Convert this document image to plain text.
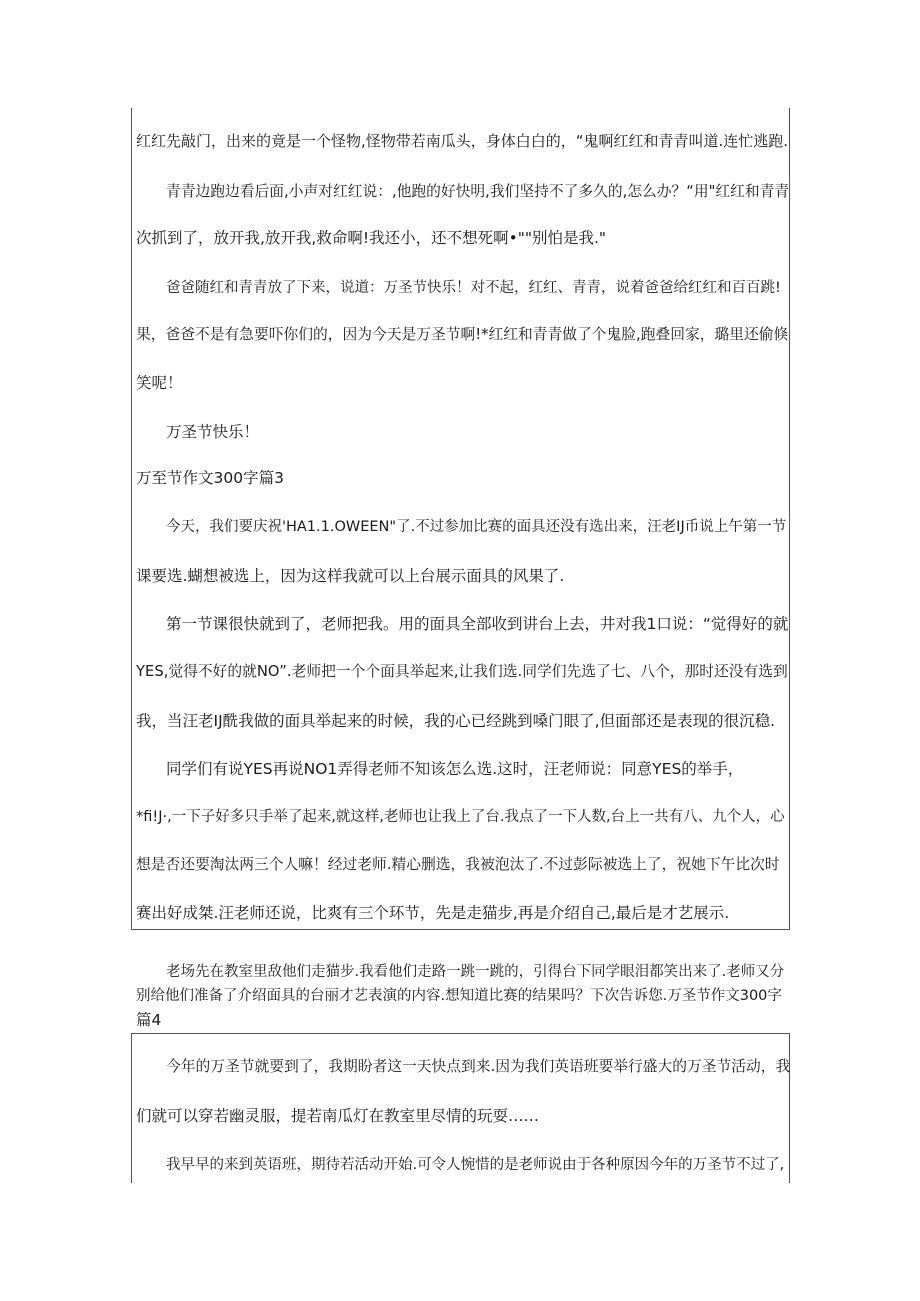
红红先敲门，出来的竟是一个怪物,怪物带若南瓜头，身体白白的，“鬼啊红红和青青叫道.连忙逃跑.
青青边跑边看后面,小声对红红说：,他跑的好快明,我们坚持不了多久的,怎么办？“用"红红和青青
次抓到了，放开我,放开我,救命啊!我还小，还不想死啊•""别怕是我."
爸爸随红和青青放了下来，说道：万圣节快乐！对不起，红红、青青，说着爸爸给红红和百百跳!
果，爸爸不是有急要吓你们的，因为今天是万圣节啊!*红红和青青做了个鬼脸,跑叠回家，璐里还偷倏
笑呢！
万圣节快乐！
万至节作文300字篇3
今天，我们要庆祝'HA1.1.OWEEN"了.不过参加比赛的面具还没有选出来，汪老IJ币说上午第一节
课要选.蝴想被选上，因为这样我就可以上台展示面具的风果了.
第一节课很快就到了，老师把我。用的面具全部收到讲台上去，井对我1口说：“觉得好的就
YES,觉得不好的就NO”.老师把一个个面具举起来,让我们选.同学们先选了七、八个，那时还没有选到
我，当汪老IJ酰我做的面具举起来的时候，我的心已经跳到嗓门眼了,但面部还是表现的很沉稳.
同学们有说YES再说NO1弄得老师不知该怎么选.这时，汪老师说：同意YES的举手，
*fi!J·,一下子好多只手举了起来,就这样,老师也让我上了台.我点了一下人数,台上一共有八、九个人，心
想是否还要淘汰两三个人嘛！经过老师.精心删选，我被泡汰了.不过彭际被选上了，祝她下午比次时
赛出好成桀.汪老师还说，比爽有三个环节，先是走猫步,再是介绍自己,最后是才艺展示.
老场先在教室里敌他们走猫步.我看他们走路一跳一跳的，引得台下同学眼泪都笑出来了.老师又分
别给他们准备了介绍面具的台丽才艺表演的内容.想知道比赛的结果吗？下次告诉您.万圣节作文300字
篇4
今年的万圣节就要到了，我期盼者这一天快点到来.因为我们英语班要举行盛大的万圣节活动，我
们就可以穿若幽灵服，提若南瓜灯在教室里尽情的玩耍……
我早早的来到英语班，期待若活动开始.可令人惋惜的是老师说由于各种原因今年的万圣节不过了,
